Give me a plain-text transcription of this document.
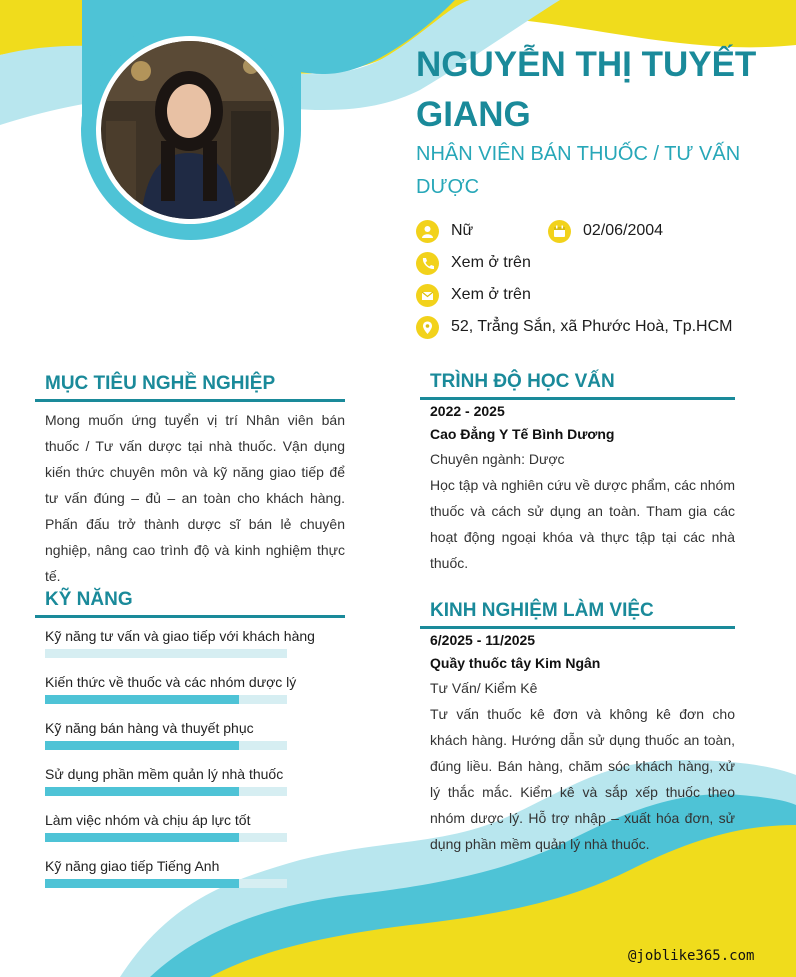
NGUYỄN THỊ TUYẾT GIANG
NHÂN VIÊN BÁN THUỐC / TƯ VẤN DƯỢC
Nữ	02/06/2004
Xem ở trên
Xem ở trên
52, Trẳng Sắn, xã Phước Hoà, Tp.HCM
MỤC TIÊU NGHỀ NGHIỆP
Mong muốn ứng tuyển vị trí Nhân viên bán thuốc / Tư vấn dược tại nhà thuốc. Vận dụng kiến thức chuyên môn và kỹ năng giao tiếp để tư vấn đúng – đủ – an toàn cho khách hàng. Phấn đấu trở thành dược sĩ bán lẻ chuyên nghiệp, nâng cao trình độ và kinh nghiệm thực tế.
KỸ NĂNG
Kỹ năng tư vấn và giao tiếp với khách hàng
Kiến thức về thuốc và các nhóm dược lý
Kỹ năng bán hàng và thuyết phục
Sử dụng phần mềm quản lý nhà thuốc
Làm việc nhóm và chịu áp lực tốt
Kỹ năng giao tiếp Tiếng Anh
TRÌNH ĐỘ HỌC VẤN
2022 - 2025
Cao Đẳng Y Tế Bình Dương
Chuyên ngành: Dược
Học tập và nghiên cứu về dược phẩm, các nhóm thuốc và cách sử dụng an toàn. Tham gia các hoạt động ngoại khóa và thực tập tại các nhà thuốc.
KINH NGHIỆM LÀM VIỆC
6/2025 - 11/2025
Quầy thuốc tây Kim Ngân
Tư Vấn/ Kiểm Kê
Tư vấn thuốc kê đơn và không kê đơn cho khách hàng. Hướng dẫn sử dụng thuốc an toàn, đúng liều. Bán hàng, chăm sóc khách hàng, xử lý thắc mắc. Kiểm kê và sắp xếp thuốc theo nhóm dược lý. Hỗ trợ nhập – xuất hóa đơn, sử dụng phần mềm quản lý nhà thuốc.
@joblike365.com
